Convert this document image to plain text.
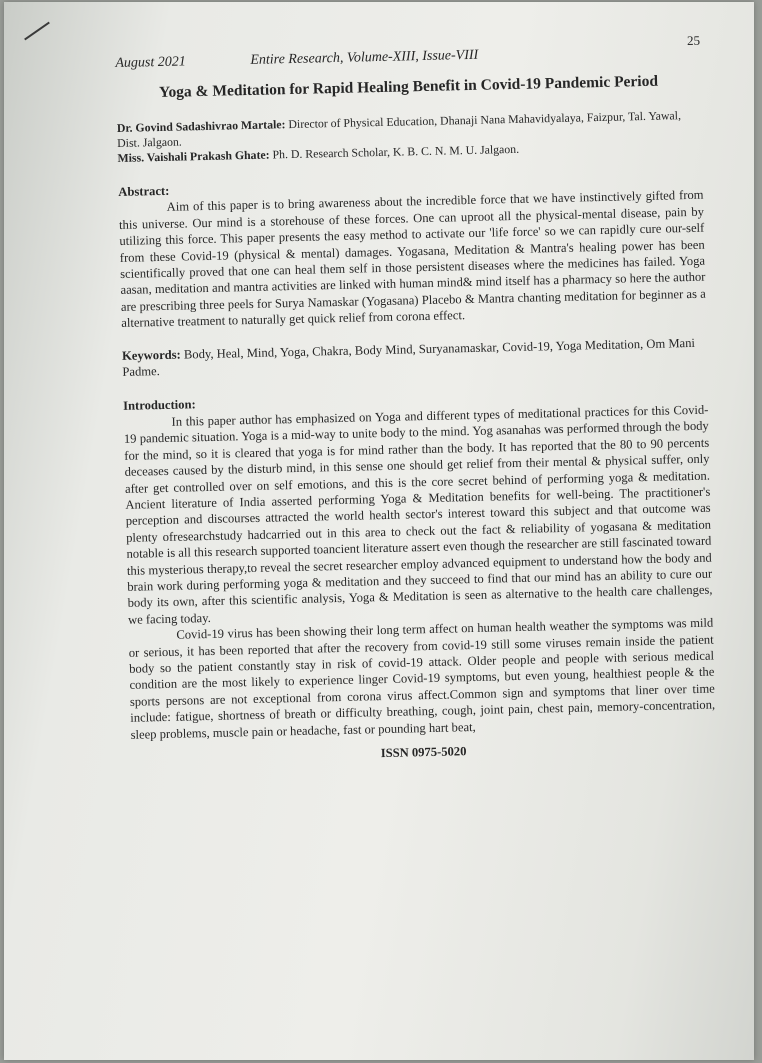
August 2021	Entire Research, Volume-XIII, Issue-VIII
25
Yoga & Meditation for Rapid Healing Benefit in Covid-19 Pandemic Period
Dr. Govind Sadashivrao Martale: Director of Physical Education, Dhanaji Nana Mahavidyalaya, Faizpur, Tal. Yawal, Dist. Jalgaon.
Miss. Vaishali Prakash Ghate: Ph. D. Research Scholar, K. B. C. N. M. U. Jalgaon.
Abstract:

Aim of this paper is to bring awareness about the incredible force that we have instinctively gifted from this universe. Our mind is a storehouse of these forces. One can uproot all the physical-mental disease, pain by utilizing this force. This paper presents the easy method to activate our 'life force' so we can rapidly cure our-self from these Covid-19 (physical & mental) damages. Yogasana, Meditation & Mantra's healing power has been scientifically proved that one can heal them self in those persistent diseases where the medicines has failed. Yoga aasan, meditation and mantra activities are linked with human mind& mind itself has a pharmacy so here the author are prescribing three peels for Surya Namaskar (Yogasana) Placebo & Mantra chanting meditation for beginner as a alternative treatment to naturally get quick relief from corona effect.

Keywords: Body, Heal, Mind, Yoga, Chakra, Body Mind, Suryanamaskar, Covid-19, Yoga Meditation, Om Mani Padme.
Introduction:

In this paper author has emphasized on Yoga and different types of meditational practices for this Covid-19 pandemic situation. Yoga is a mid-way to unite body to the mind. Yog asanahas was performed through the body for the mind, so it is cleared that yoga is for mind rather than the body. It has reported that the 80 to 90 percents deceases caused by the disturb mind, in this sense one should get relief from their mental & physical suffer, only after get controlled over on self emotions, and this is the core secret behind of performing yoga & meditation. Ancient literature of India asserted performing Yoga & Meditation benefits for well-being. The practitioner's perception and discourses attracted the world health sector's interest toward this subject and that outcome was plenty ofresearchstudy hadcarried out in this area to check out the fact & reliability of yogasana & meditation notable is all this research supported toancient literature assert even though the researcher are still fascinated toward this mysterious therapy,to reveal the secret researcher employ advanced equipment to understand how the body and brain work during performing yoga & meditation and they succeed to find that our mind has an ability to cure our body its own, after this scientific analysis, Yoga & Meditation is seen as alternative to the health care challenges, we facing today.

Covid-19 virus has been showing their long term affect on human health weather the symptoms was mild or serious, it has been reported that after the recovery from covid-19 still some viruses remain inside the patient body so the patient constantly stay in risk of covid-19 attack. Older people and people with serious medical condition are the most likely to experience linger Covid-19 symptoms, but even young, healthiest people & the sports persons are not exceptional from corona virus affect.Common sign and symptoms that liner over time include: fatigue, shortness of breath or difficulty breathing, cough, joint pain, chest pain, memory-concentration, sleep problems, muscle pain or headache, fast or pounding hart beat,

ISSN 0975-5020
